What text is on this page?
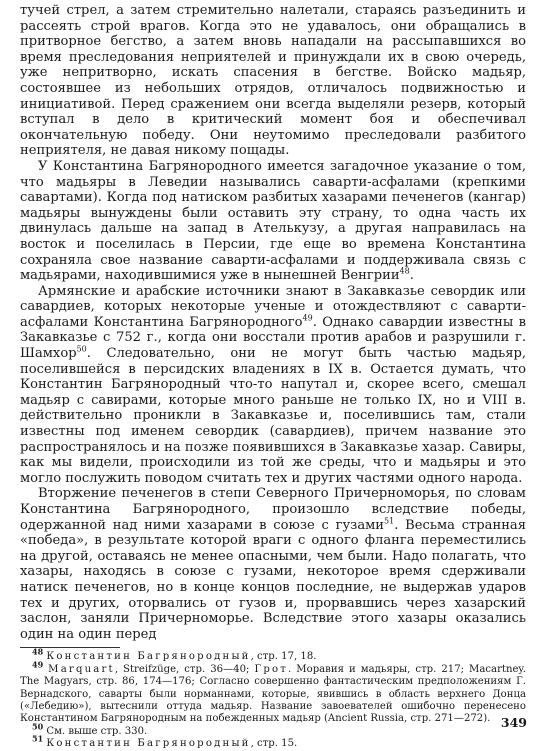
тучей стрел, а затем стремительно налетали, стараясь разъединить и рассеять строй врагов. Когда это не удавалось, они обращались в притворное бегство, а затем вновь нападали на рассыпавшихся во время преследования неприятелей и принуждали их в свою очередь, уже непритворно, искать спасения в бегстве. Войско мадьяр, состоявшее из небольших отрядов, отличалось подвижностью и инициативой. Перед сражением они всегда выделяли резерв, который вступал в дело в критический момент боя и обеспечивал окончательную победу. Они неутомимо преследовали разбитого неприятеля, не давая никому пощады.

У Константина Багрянородного имеется загадочное указание о том, что мадьяры в Леведии назывались саварти-асфалами (крепкими савартами). Когда под натиском разбитых хазарами печенегов (кангар) мадьяры вынуждены были оставить эту страну, то одна часть их двинулась дальше на запад в Ателькузу, а другая направилась на восток и поселилась в Персии, где еще во времена Константина сохраняла свое название саварти-асфалами и поддерживала связь с мадьярами, находившимися уже в нынешней Венгрии$^{48}$.

Армянские и арабские источники знают в Закавказье севордик или савардиев, которых некоторые ученые и отождествляют с саварти-асфалами Константина Багрянородного$^{49}$. Однако савардии известны в Закавказье с 752 г., когда они восстали против арабов и разрушили г. Шамхор$^{50}$. Следовательно, они не могут быть частью мадьяр, поселившейся в персидских владениях в IX в. Остается думать, что Константин Багрянородный что-то напутал и, скорее всего, смешал мадьяр с савирами, которые много раньше не только IX, но и VIII в. действительно проникли в Закавказье и, поселившись там, стали известны под именем севордик (савардиев), причем название это распространялось и на позже появившихся в Закавказье хазар. Савиры, как мы видели, происходили из той же среды, что и мадьяры и это могло послужить поводом считать тех и других частями одного народа.

Вторжение печенегов в степи Северного Причерноморья, по словам Константина Багрянородного, произошло вследствие победы, одержанной над ними хазарами в союзе с гузами$^{51}$. Весьма странная «победа», в результате которой враги с одного фланга переместились на другой, оставаясь не менее опасными, чем были. Надо полагать, что хазары, находясь в союзе с гузами, некоторое время сдерживали натиск печенегов, но в конце концов последние, не выдержав ударов тех и других, оторвались от гузов и, прорвавшись через хазарский заслон, заняли Причерноморье. Вследствие этого хазары оказались один на один перед

$^{48}$ Константин Багрянородный, стр. 17, 18.

$^{49}$ Marquart, Streifzüge, стр. 36—40; Грот. Моравия и мадьяры, стр. 217; Macartney. The Magyars, стр. 86, 174—176; Согласно совершенно фантастическим предположениям Г. Вернадского, саварты были норманнами, которые, явившись в область верхнего Донца («Лебедию»), вытеснили оттуда мадьяр. Название завоевателей ошибочно перенесено Константином Багрянородным на побежденных мадьяр (Ancient Russia, стр. 271—272).

$^{50}$ См. выше стр. 330.

$^{51}$ Константин Багрянородный, стр. 15.

349
